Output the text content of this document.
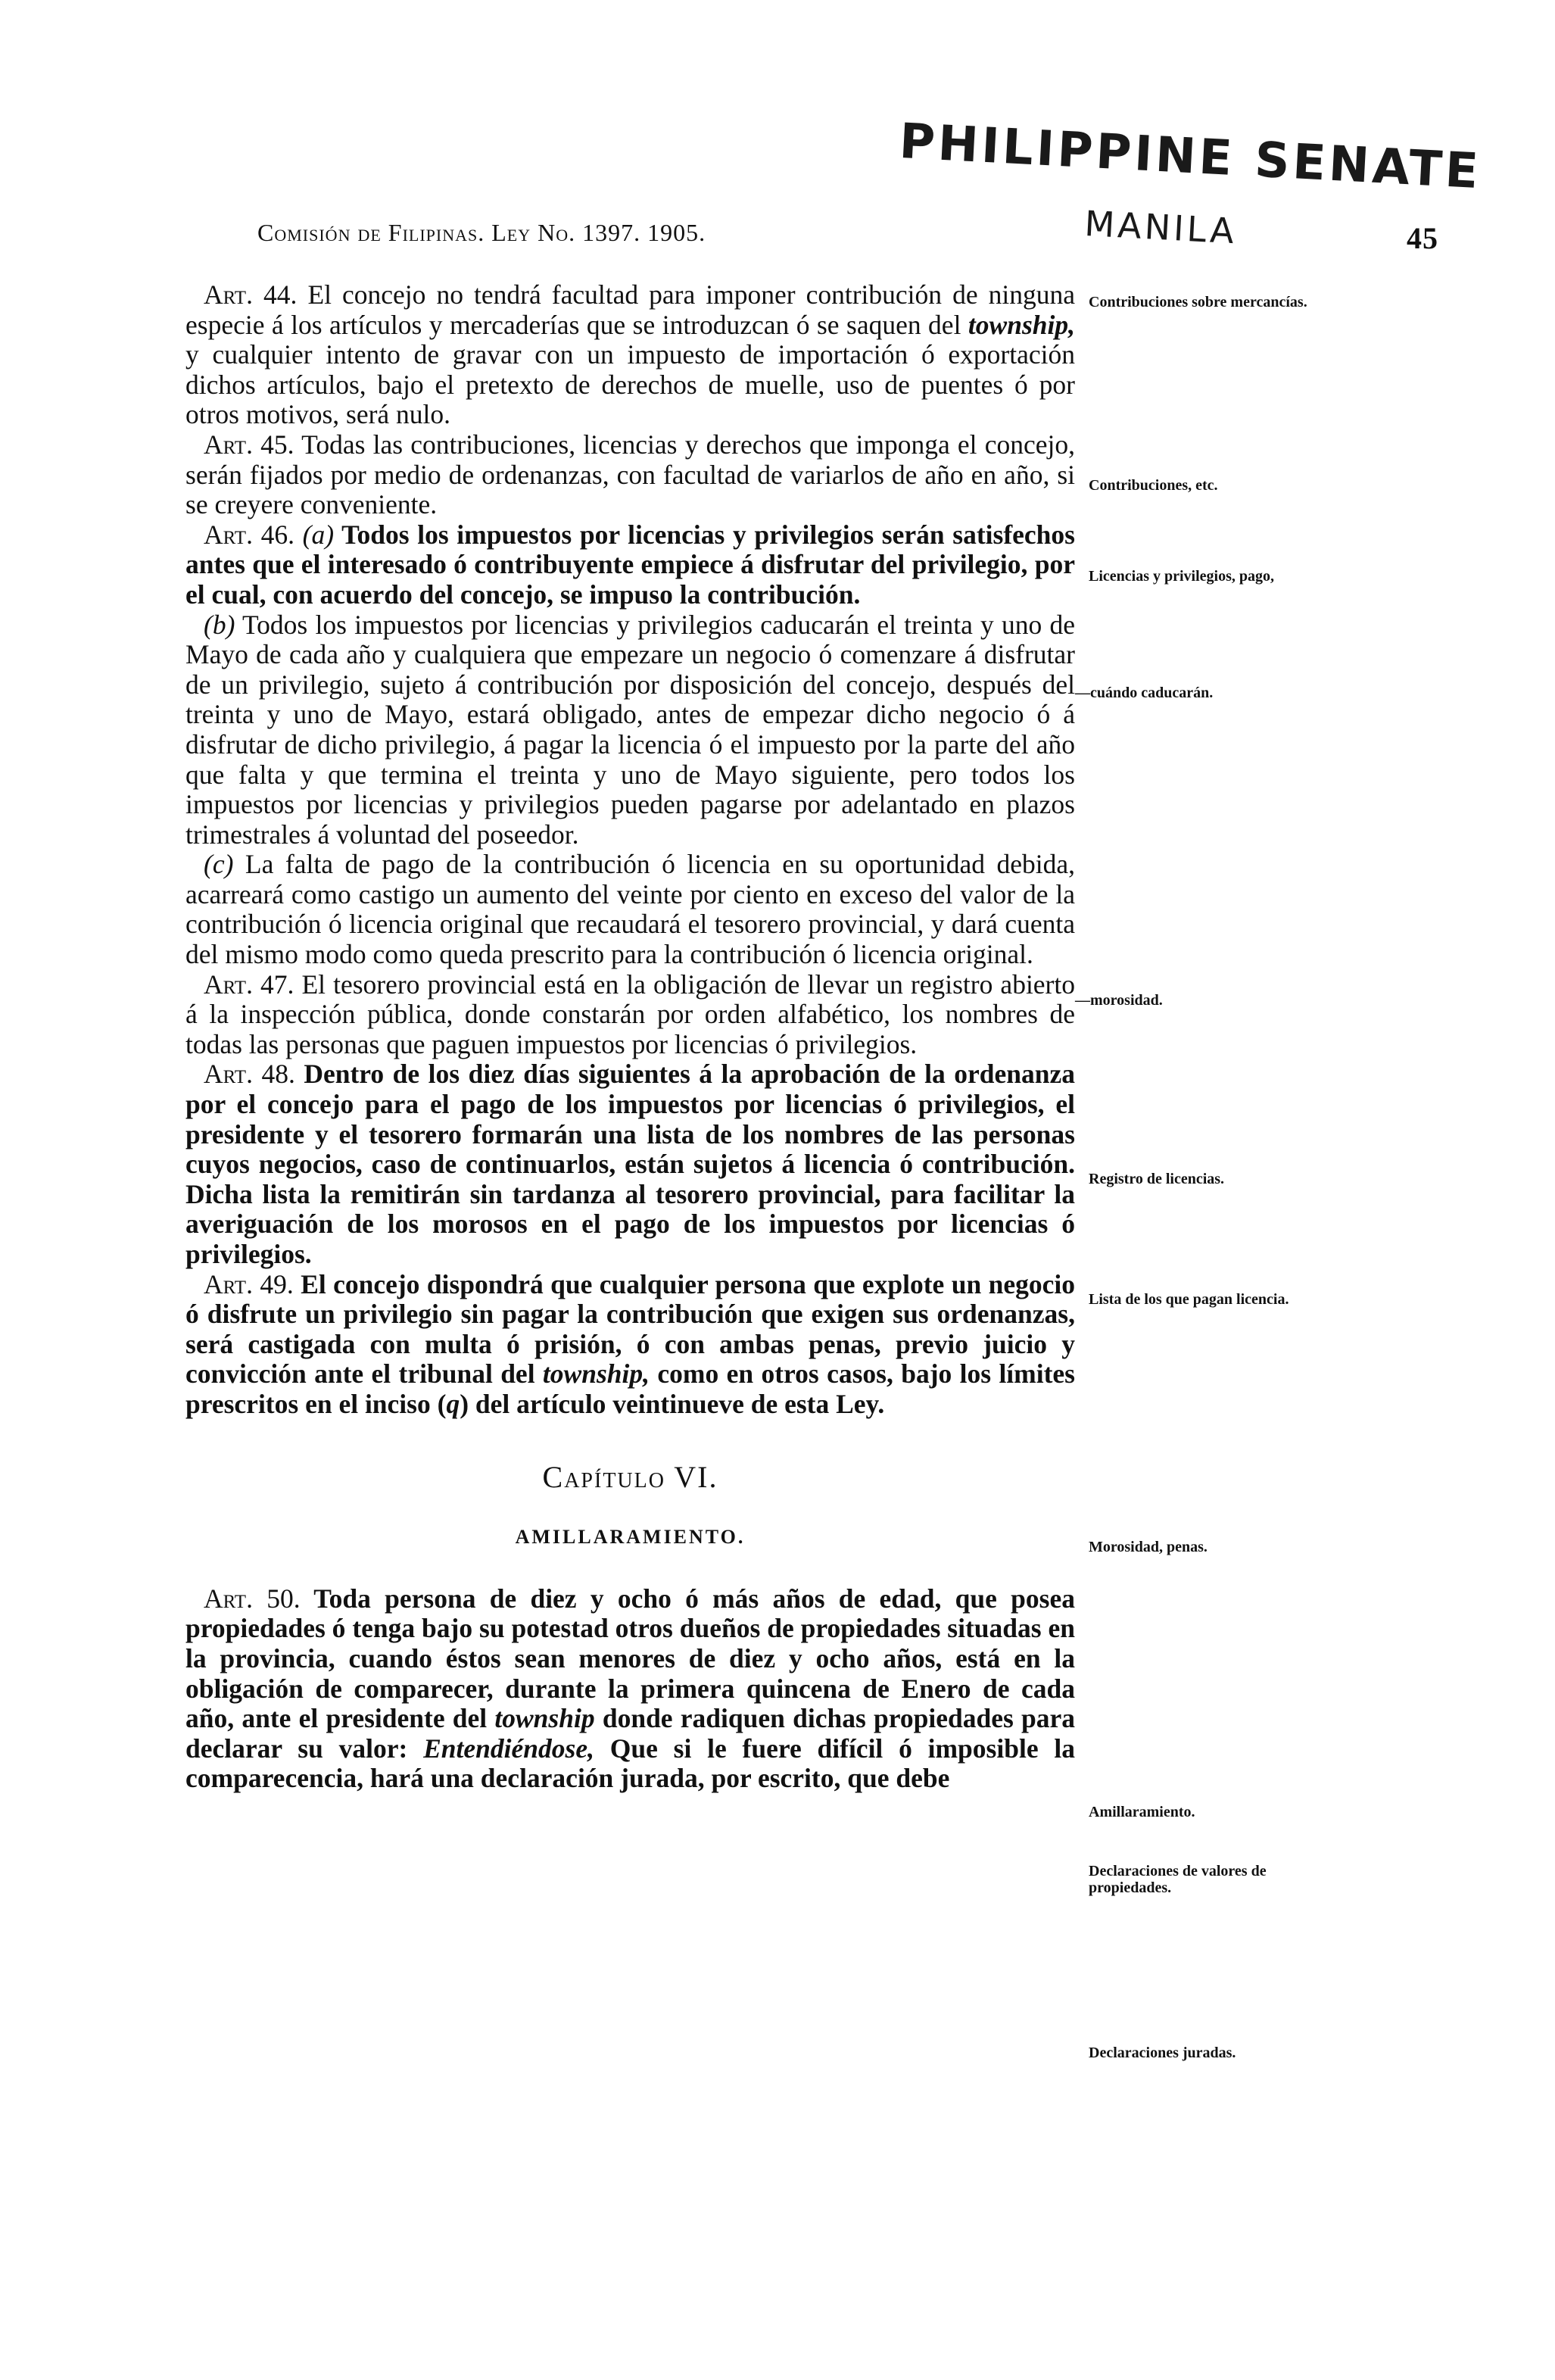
PHILIPPINE SENATE
MANILA
Comisión de Filipinas. Ley No. 1397. 1905.	45

Art. 44. El concejo no tendrá facultad para imponer contribución de ninguna especie á los artículos y mercaderías que se introduzcan ó se saquen del township, y cualquier intento de gravar con un impuesto de importación ó exportación dichos artículos, bajo el pretexto de derechos de muelle, uso de puentes ó por otros motivos, será nulo.

Art. 45. Todas las contribuciones, licencias y derechos que imponga el concejo, serán fijados por medio de ordenanzas, con facultad de variarlos de año en año, si se creyere conveniente.

Art. 46. (a) Todos los impuestos por licencias y privilegios serán satisfechos antes que el interesado ó contribuyente empiece á disfrutar del privilegio, por el cual, con acuerdo del concejo, se impuso la contribución.

(b) Todos los impuestos por licencias y privilegios caducarán el treinta y uno de Mayo de cada año y cualquiera que empezare un negocio ó comenzare á disfrutar de un privilegio, sujeto á contribución por disposición del concejo, después del treinta y uno de Mayo, estará obligado, antes de empezar dicho negocio ó á disfrutar de dicho privilegio, á pagar la licencia ó el impuesto por la parte del año que falta y que termina el treinta y uno de Mayo siguiente, pero todos los impuestos por licencias y privilegios pueden pagarse por adelantado en plazos trimestrales á voluntad del poseedor.

(c) La falta de pago de la contribución ó licencia en su oportunidad debida, acarreará como castigo un aumento del veinte por ciento en exceso del valor de la contribución ó licencia original que recaudará el tesorero provincial, y dará cuenta del mismo modo como queda prescrito para la contribución ó licencia original.

Art. 47. El tesorero provincial está en la obligación de llevar un registro abierto á la inspección pública, donde constarán por orden alfabético, los nombres de todas las personas que paguen impuestos por licencias ó privilegios.

Art. 48. Dentro de los diez días siguientes á la aprobación de la ordenanza por el concejo para el pago de los impuestos por licencias ó privilegios, el presidente y el tesorero formarán una lista de los nombres de las personas cuyos negocios, caso de continuarlos, están sujetos á licencia ó contribución. Dicha lista la remitirán sin tardanza al tesorero provincial, para facilitar la averiguación de los morosos en el pago de los impuestos por licencias ó privilegios.

Art. 49. El concejo dispondrá que cualquier persona que explote un negocio ó disfrute un privilegio sin pagar la contribución que exigen sus ordenanzas, será castigada con multa ó prisión, ó con ambas penas, previo juicio y convicción ante el tribunal del township, como en otros casos, bajo los límites prescritos en el inciso (q) del artículo veintinueve de esta Ley.

Capítulo VI.
AMILLARAMIENTO.

Art. 50. Toda persona de diez y ocho ó más años de edad, que posea propiedades ó tenga bajo su potestad otros dueños de propiedades situadas en la provincia, cuando éstos sean menores de diez y ocho años, está en la obligación de comparecer, durante la primera quincena de Enero de cada año, ante el presidente del township donde radiquen dichas propiedades para declarar su valor: Entendiéndose, Que si le fuere difícil ó imposible la comparecencia, hará una declaración jurada, por escrito, que debe

Contribuciones sobre mercancías.
Contribuciones, etc.
Licencias y privilegios, pago,
—cuándo caducarán.
—morosidad.
Registro de licencias.
Lista de los que pagan licencia.
Morosidad, penas.
Amillaramiento.
Declaraciones de valores de propiedades.
Declaraciones juradas.
